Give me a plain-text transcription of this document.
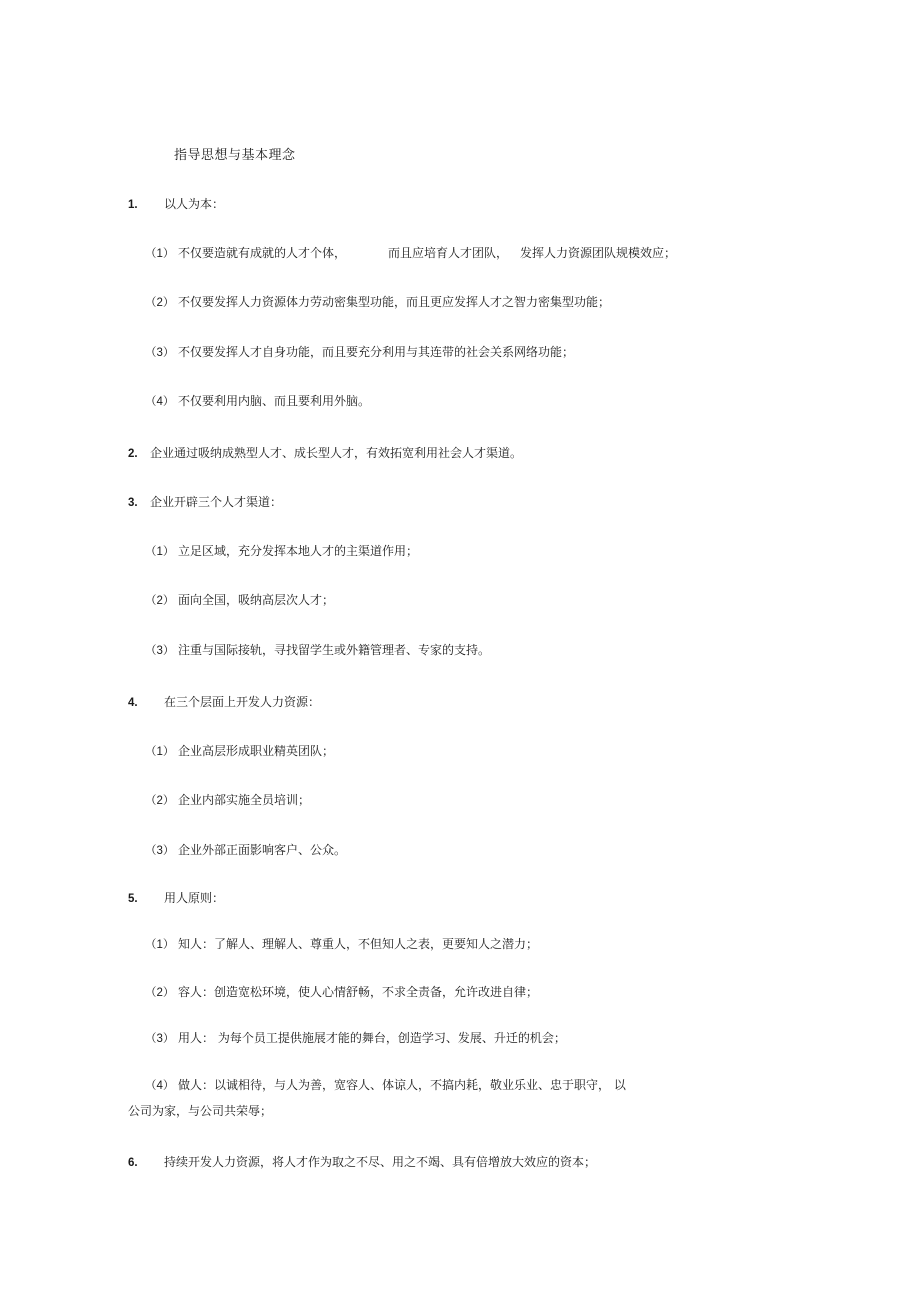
指导思想与基本理念
1. 以人为本：
（1） 不仅要造就有成就的人才个体，	而且应培育人才团队， 发挥人力资源团队规模效应；
（2） 不仅要发挥人力资源体力劳动密集型功能，而且更应发挥人才之智力密集型功能；
（3） 不仅要发挥人才自身功能，而且要充分利用与其连带的社会关系网络功能；
（4） 不仅要利用内脑、而且要利用外脑。
2. 企业通过吸纳成熟型人才、成长型人才，有效拓宽利用社会人才渠道。
3. 企业开辟三个人才渠道：
（1） 立足区域，充分发挥本地人才的主渠道作用；
（2） 面向全国，吸纳高层次人才；
（3） 注重与国际接轨，寻找留学生或外籍管理者、专家的支持。
4. 在三个层面上开发人力资源：
（1） 企业高层形成职业精英团队；
（2） 企业内部实施全员培训；
（3） 企业外部正面影响客户、公众。
5. 用人原则：
（1） 知人：了解人、理解人、尊重人，不但知人之表，更要知人之潜力；
（2） 容人：创造宽松环境，使人心情舒畅，不求全责备，允许改进自律；
（3） 用人： 为每个员工提供施展才能的舞台，创造学习、发展、升迁的机会；
（4） 做人：以诚相待，与人为善，宽容人、体谅人，不搞内耗，敬业乐业、忠于职守， 以
公司为家，与公司共荣辱；
6. 持续开发人力资源，将人才作为取之不尽、用之不竭、具有倍增放大效应的资本；
